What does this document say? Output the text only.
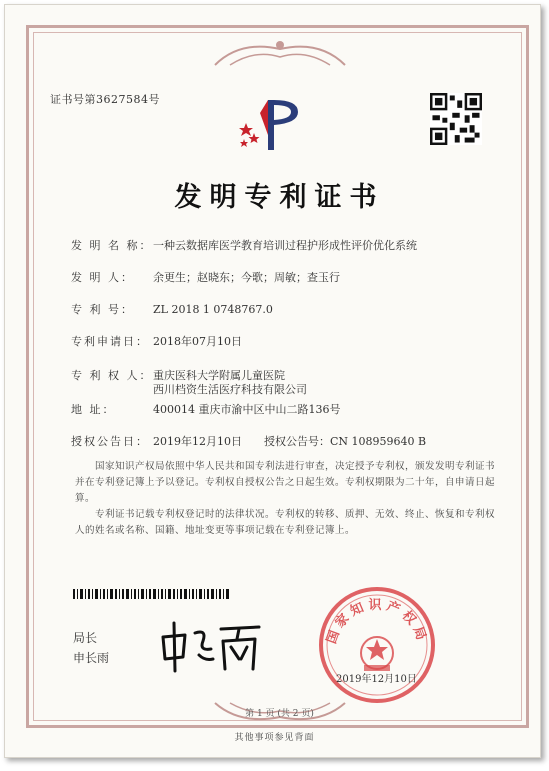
证书号第3627584号
发明专利证书
发 明 名 称：一种云数据库医学教育培训过程护形成性评价优化系统
发 明 人： 余更生；赵晓东；今歌；周敏；查玉行
专 利 号： ZL 2018 1 0748767.0
专利申请日： 2018年07月10日
专 利 权 人：重庆医科大学附属儿童医院
西川档资生活医疗科技有限公司
地 址：	400014 重庆市渝中区中山二路136号
授权公告日： 2019年12月10日 授权公告号：CN 108959640 B
国家知识产权局依照中华人民共和国专利法进行审查，决定授予专利权，颁发发明专利证书并在专利登记簿上予以登记。专利权自授权公告之日起生效。专利权期限为二十年，自申请日起算。
专利证书记载专利权登记时的法律状况。专利权的转移、质押、无效、终止、恢复和专利权人的姓名或名称、国籍、地址变更等事项记载在专利登记簿上。
局长
申长雨
国家知识产权局
2019年12月10日
第 1 页 (共 2 页)
其他事项参见背面
